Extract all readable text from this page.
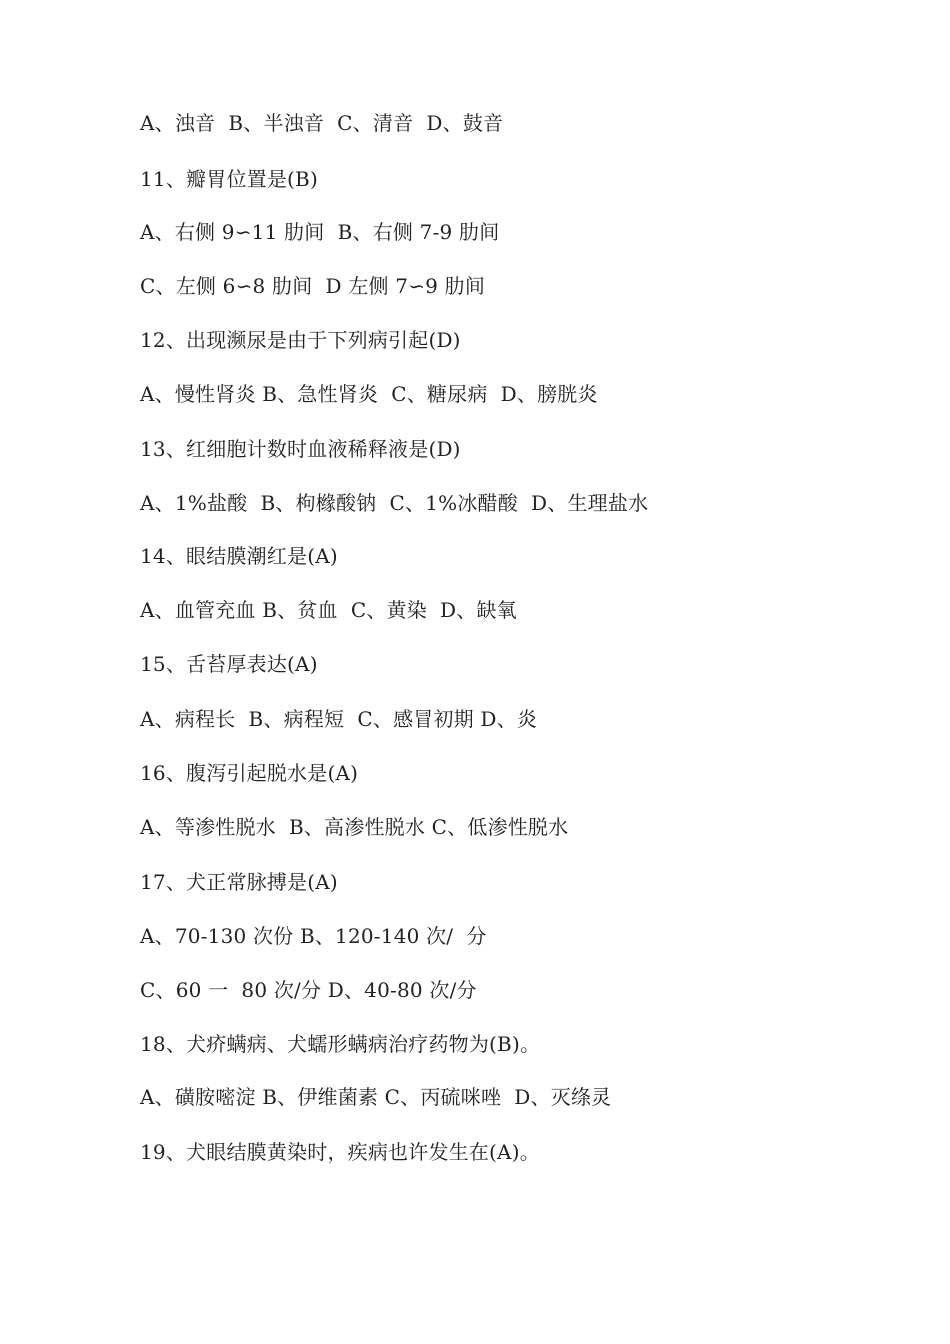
A、浊音  B、半浊音  C、清音  D、鼓音
11、瓣胃位置是(B)
A、右侧 9∽11 肋间  B、右侧 7-9 肋间
C、左侧 6∽8 肋间  D 左侧 7∽9 肋间
12、出现濒尿是由于下列病引起(D)
A、慢性肾炎 B、急性肾炎  C、糖尿病  D、膀胱炎
13、红细胞计数时血液稀释液是(D)
A、1%盐酸  B、枸橼酸钠  C、1%冰醋酸  D、生理盐水
14、眼结膜潮红是(A)
A、血管充血 B、贫血  C、黄染  D、缺氧
15、舌苔厚表达(A)
A、病程长  B、病程短  C、感冒初期 D、炎
16、腹泻引起脱水是(A)
A、等渗性脱水  B、高渗性脱水 C、低渗性脱水
17、犬正常脉搏是(A)
A、70-130 次份 B、120-140 次/  分
C、60 一  80 次/分 D、40-80 次/分
18、犬疥螨病、犬蠕形螨病治疗药物为(B)。
A、磺胺嘧淀 B、伊维菌素 C、丙硫咪唑  D、灭绦灵
19、犬眼结膜黄染时，疾病也许发生在(A)。
